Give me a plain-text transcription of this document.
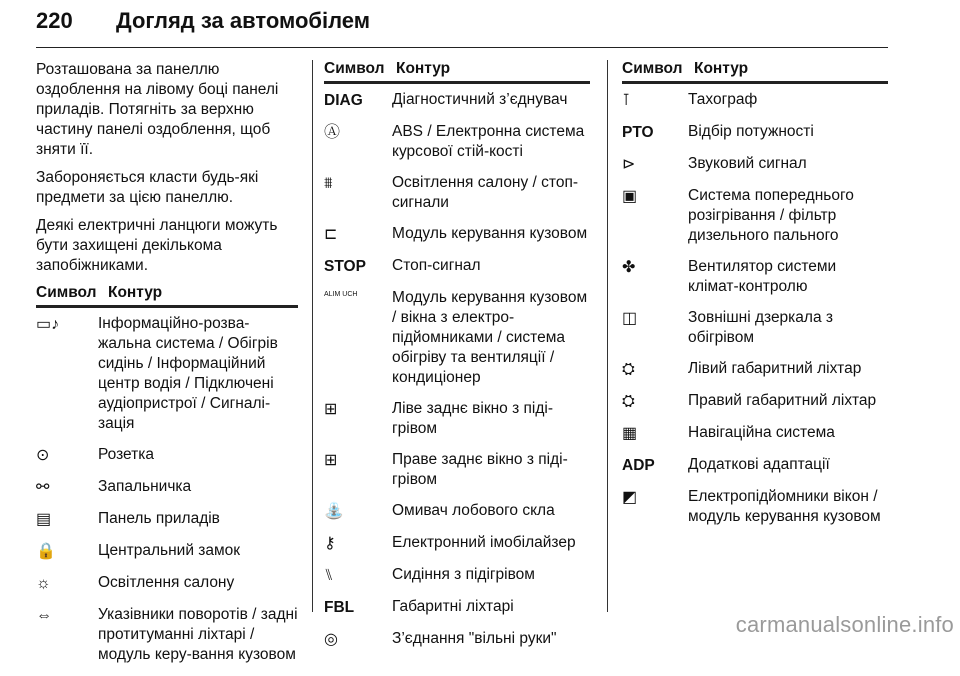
220 Догляд за автомобілем

Розташована за панеллю оздоблення на лівому боці панелі приладів. Потягніть за верхню частину панелі оздоблення, щоб зняти її.

Забороняється класти будь-які предмети за цією панеллю.

Деякі електричні ланцюги можуть бути захищені декількома запобіжниками.

Символ Контур
▭♪	Інформаційно-розва-жальна система / Обігрів сидінь / Інформаційний центр водія / Підключені аудіопристрої / Сигналі-зація
⊙	Розетка
⚯	Запальничка
▤	Панель приладів
🔒	Центральний замок
☼	Освітлення салону
⇔	Указівники поворотів / задні протитуманні ліхтарі / модуль керу-вання кузовом
Символ Контур
DIAG	Діагностичний з’єднувач
Ⓐ	ABS / Електронна система курсової стій-кості
⩩	Освітлення салону / стоп-сигнали
⊏	Модуль керування кузовом
STOP	Стоп-сигнал
ALIM UCH	Модуль керування кузовом / вікна з електро-підйомниками / система обігріву та вентиляції / кондиціонер
⊞	Ліве заднє вікно з піді-грівом
⊞	Праве заднє вікно з піді-грівом
⛲	Омивач лобового скла
⚷	Електронний імобілайзер
⑊	Сидіння з підігрівом
FBL	Габаритні ліхтарі
◎	З’єднання "вільні руки"
Символ Контур
⊺	Тахограф
PTO	Відбір потужності
⊳	Звуковий сигнал
▣	Система попереднього розігрівання / фільтр дизельного пального
✤	Вентилятор системи клімат-контролю
◫	Зовнішні дзеркала з обігрівом
⛭	Лівий габаритний ліхтар
⛭	Правий габаритний ліхтар
▦	Навігаційна система
ADP	Додаткові адаптації
◩	Електропідйомники вікон / модуль керування кузовом
carmanualsonline.info
